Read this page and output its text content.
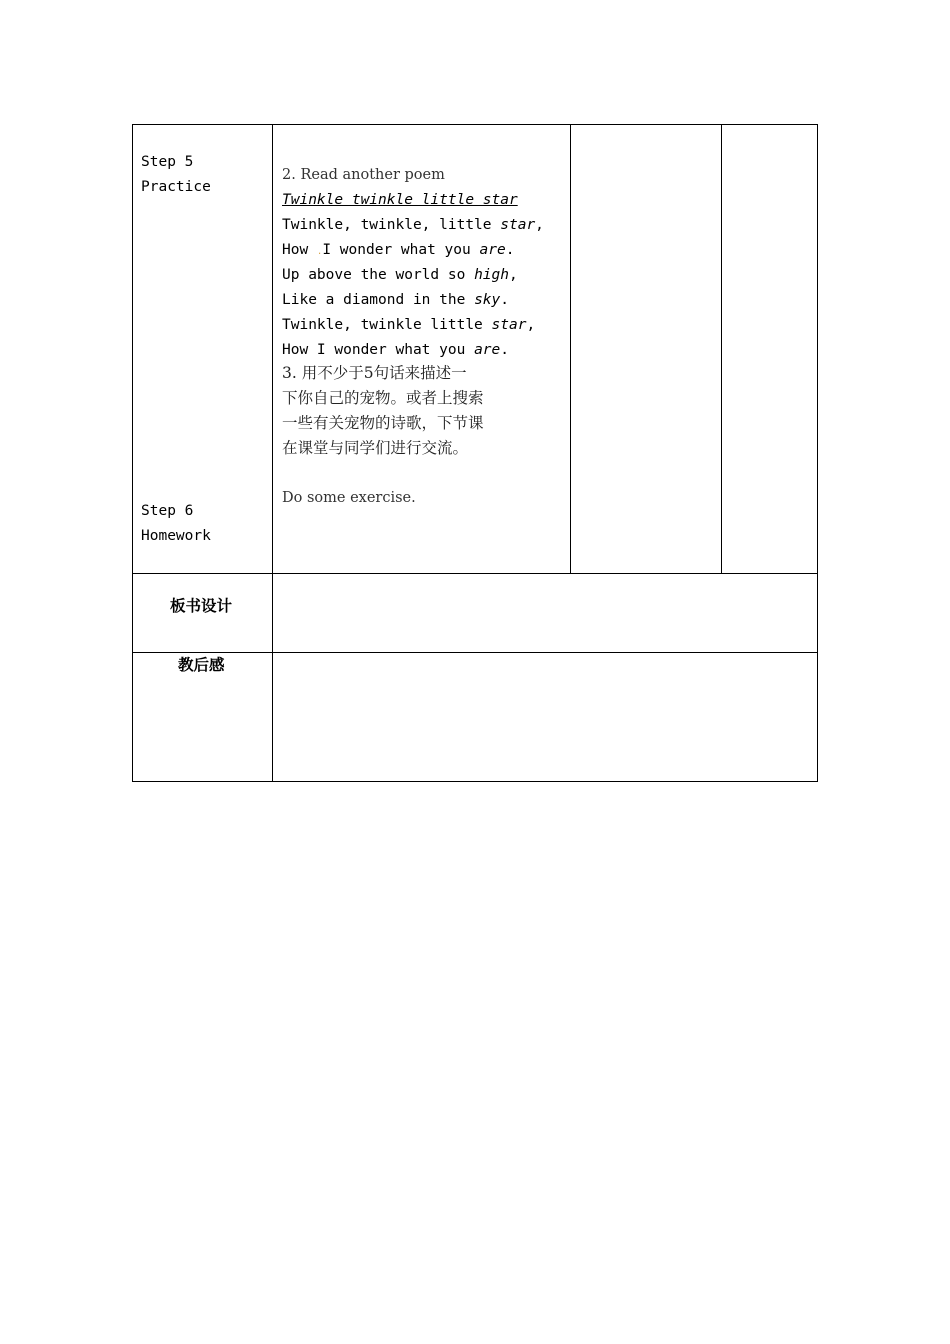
Step 5
Practice
Step 6
Homework
2. Read another poem
Twinkle twinkle little star
Twinkle, twinkle, little star,
How .I wonder what you are.
Up above the world so high,
Like a diamond in the sky.
Twinkle, twinkle little star,
How I wonder what you are.
3. 用不少于5句话来描述一
下你自己的宠物。或者上搜索
一些有关宠物的诗歌，下节课
在课堂与同学们进行交流。
Do some exercise.
板书设计
教后感
